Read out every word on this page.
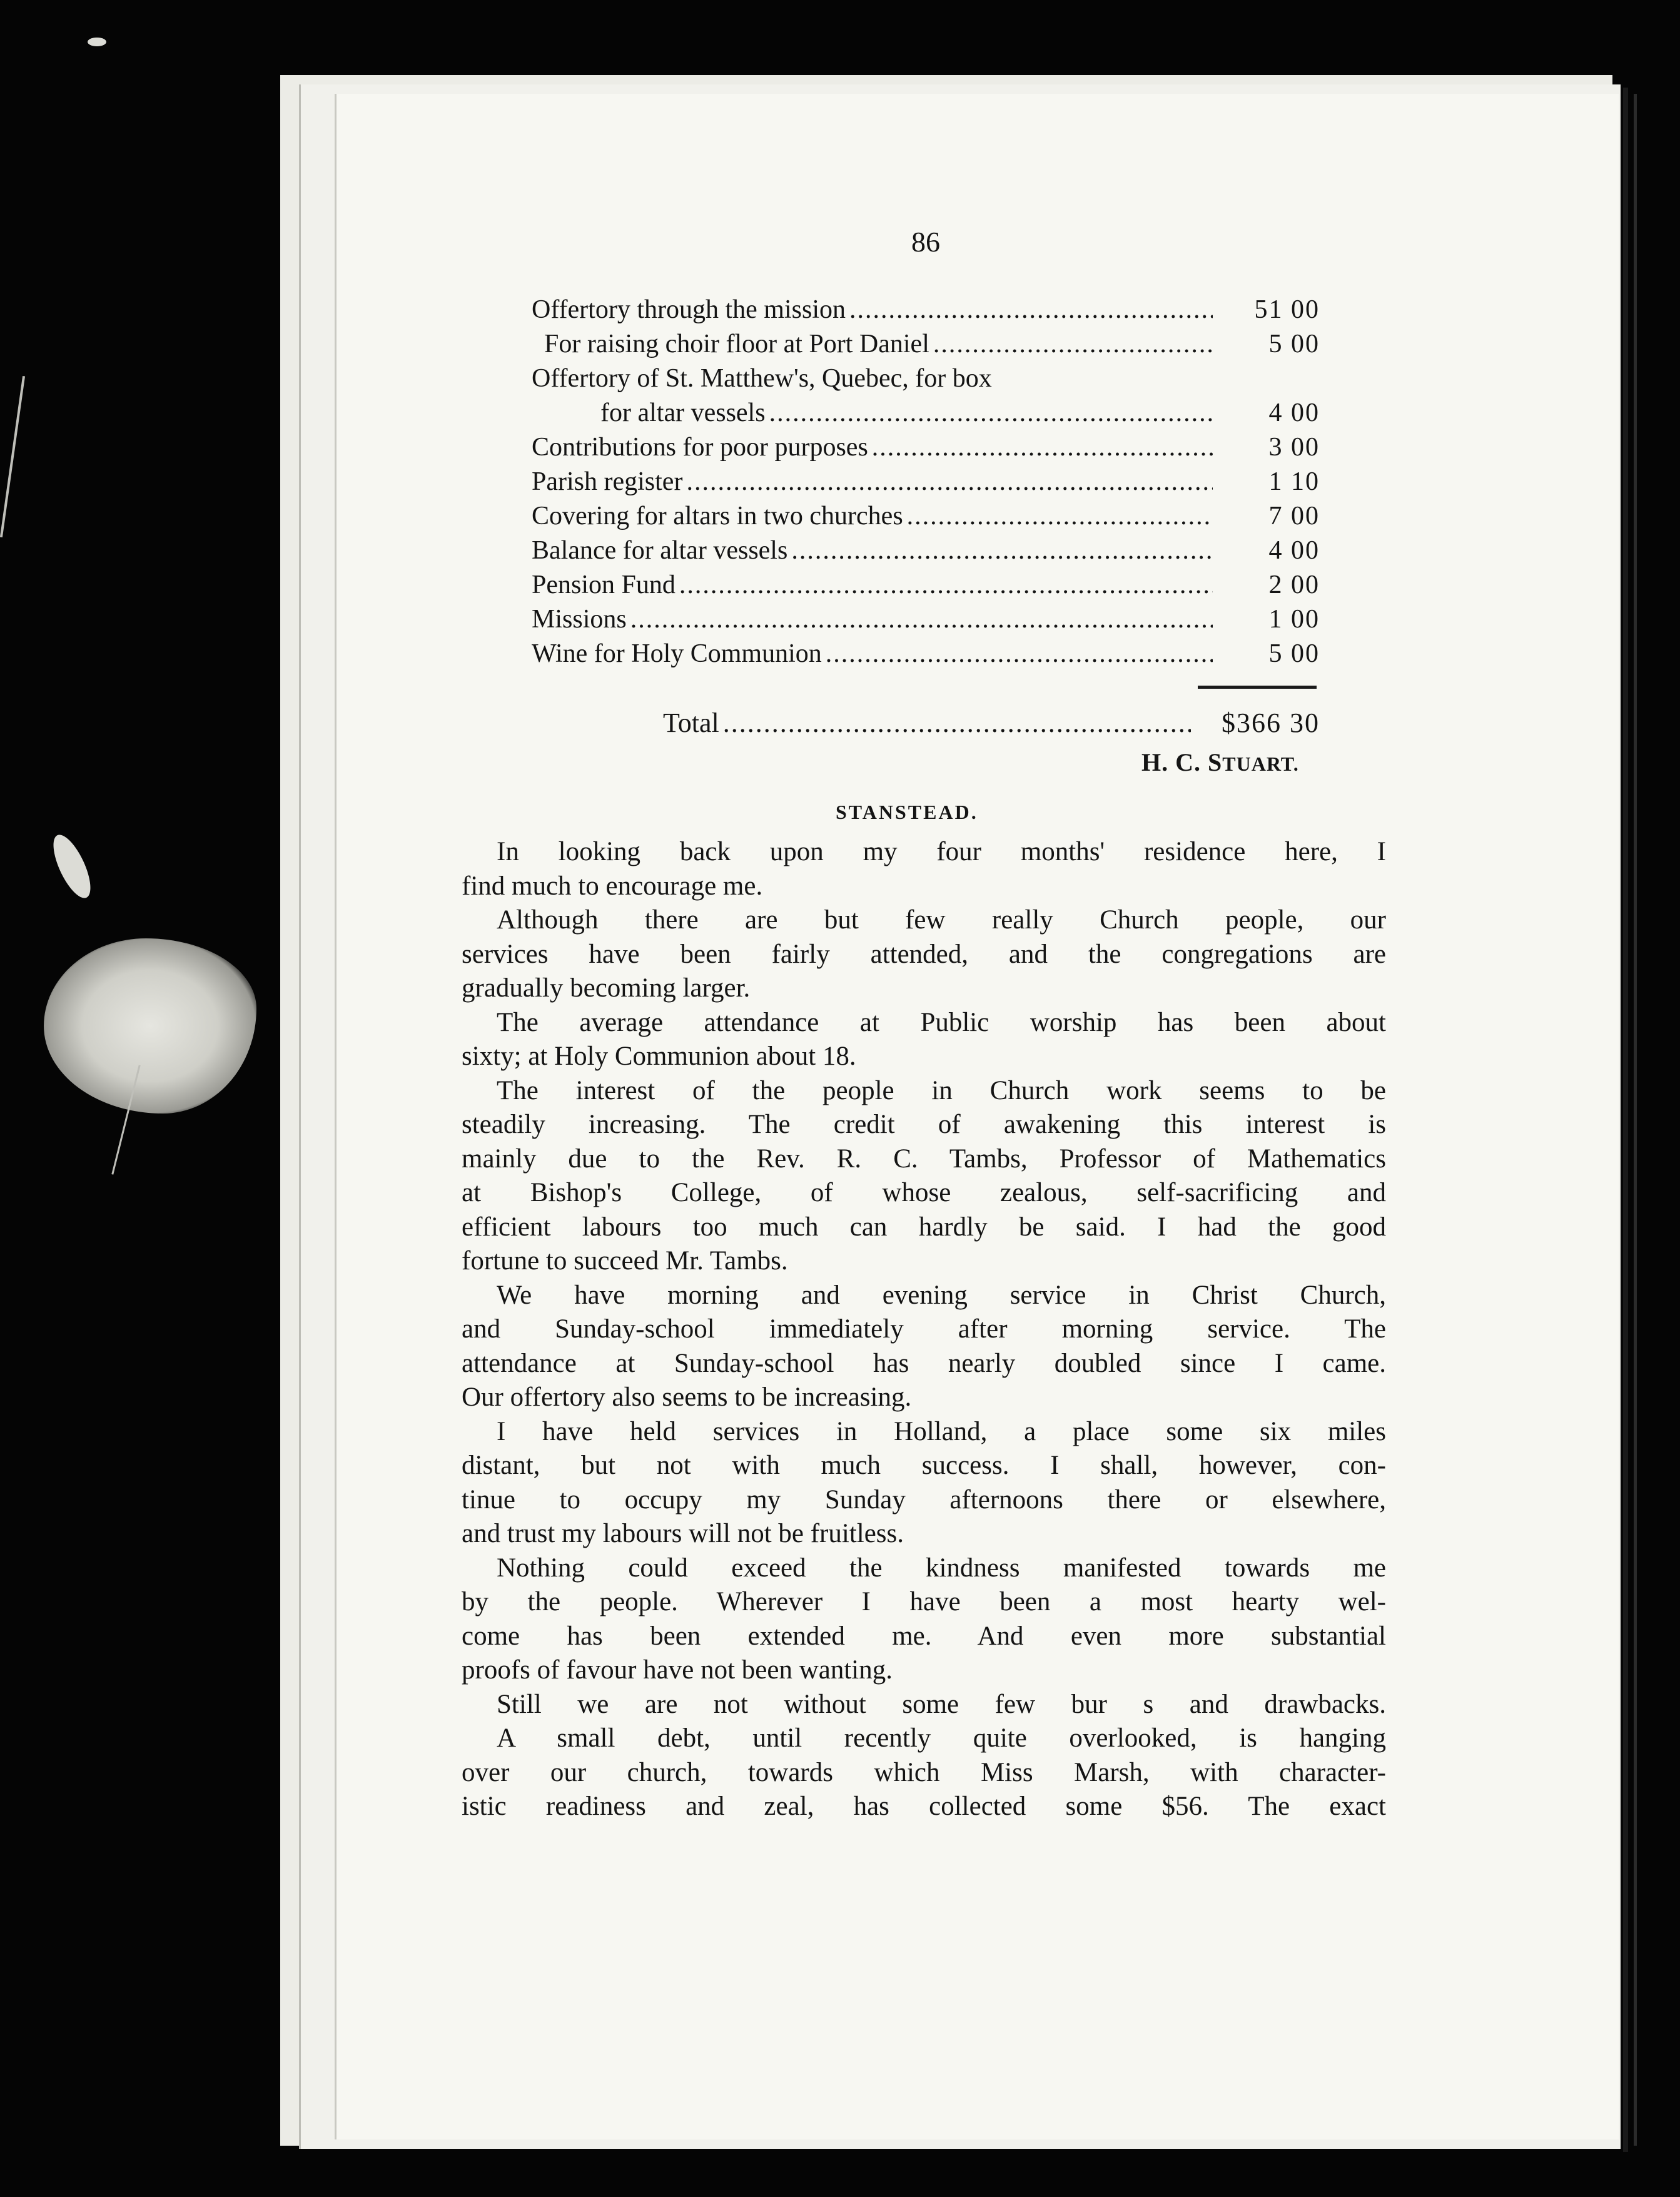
86
Offertory through the mission .....	51 00
For raising choir floor at Port Daniel .....	5 00
Offertory of St. Matthew's, Quebec, for box
for altar vessels .....	4 00
Contributions for poor purposes .....	3 00
Parish register .....	1 10
Covering for altars in two churches .....	7 00
Balance for altar vessels .....	4 00
Pension Fund .....	2 00
Missions .....	1 00
Wine for Holy Communion .....	5 00
Total .....	$366 30
H. C. STUART.
STANSTEAD.
In looking back upon my four months' residence here, I
find much to encourage me.
Although there are but few really Church people, our
services have been fairly attended, and the congregations are
gradually becoming larger.
The average attendance at Public worship has been about
sixty; at Holy Communion about 18.
The interest of the people in Church work seems to be
steadily increasing. The credit of awakening this interest is
mainly due to the Rev. R. C. Tambs, Professor of Mathematics
at Bishop's College, of whose zealous, self-sacrificing and
efficient labours too much can hardly be said. I had the good
fortune to succeed Mr. Tambs.
We have morning and evening service in Christ Church,
and Sunday-school immediately after morning service. The
attendance at Sunday-school has nearly doubled since I came.
Our offertory also seems to be increasing.
I have held services in Holland, a place some six miles
distant, but not with much success. I shall, however, con-
tinue to occupy my Sunday afternoons there or elsewhere,
and trust my labours will not be fruitless.
Nothing could exceed the kindness manifested towards me
by the people. Wherever I have been a most hearty wel-
come has been extended me. And even more substantial
proofs of favour have not been wanting.
Still we are not without some few bur s and drawbacks.
A small debt, until recently quite overlooked, is hanging
over our church, towards which Miss Marsh, with character-
istic readiness and zeal, has collected some $56. The exact
